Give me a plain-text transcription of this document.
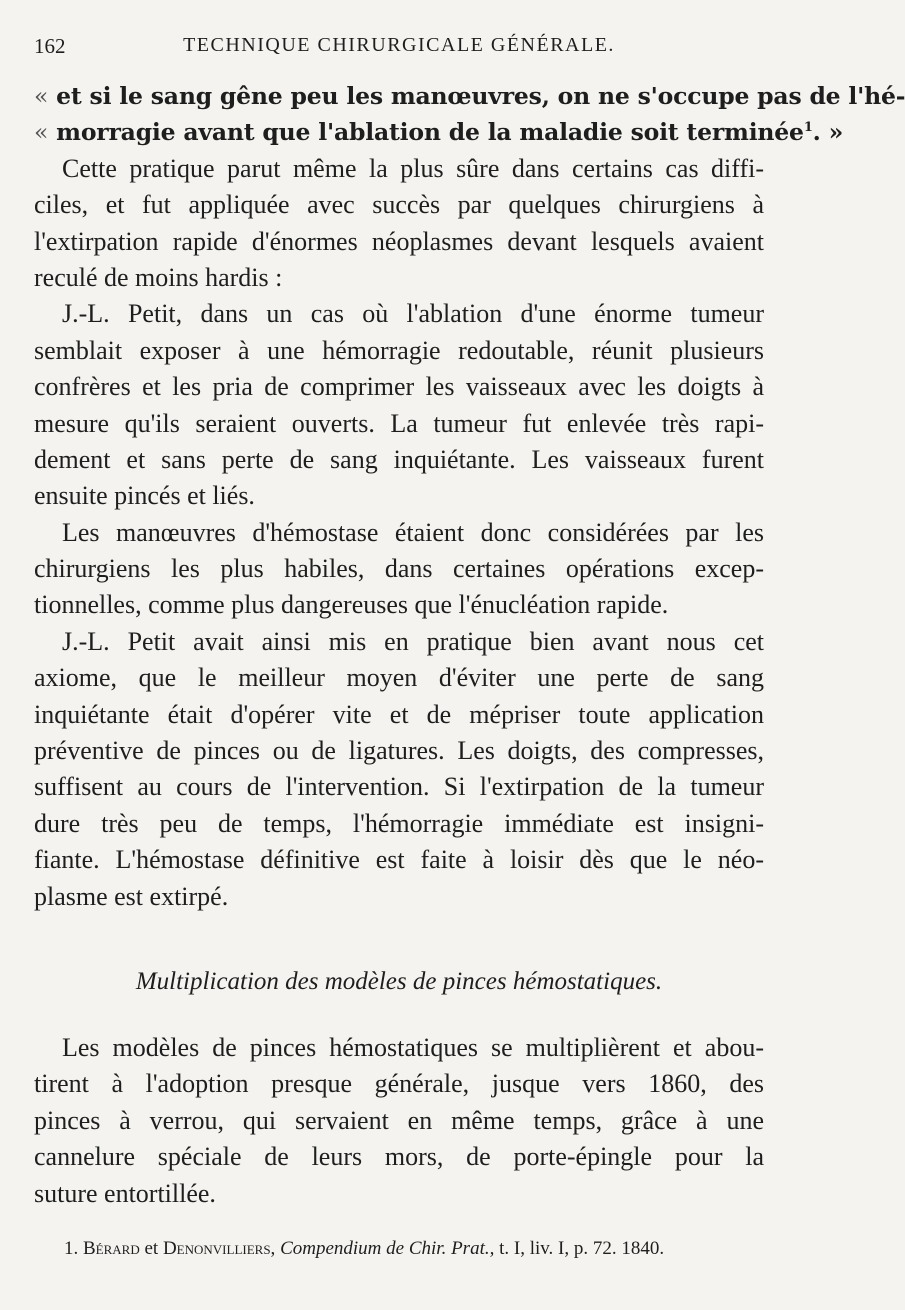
162	TECHNIQUE CHIRURGICALE GÉNÉRALE.
« et si le sang gêne peu les manœuvres, on ne s'occupe pas de l'hé-
« morragie avant que l'ablation de la maladie soit terminée$^1$. »
Cette pratique parut même la plus sûre dans certains cas diffi-
ciles, et fut appliquée avec succès par quelques chirurgiens à
l'extirpation rapide d'énormes néoplasmes devant lesquels avaient
reculé de moins hardis :
J.-L. Petit, dans un cas où l'ablation d'une énorme tumeur
semblait exposer à une hémorragie redoutable, réunit plusieurs
confrères et les pria de comprimer les vaisseaux avec les doigts à
mesure qu'ils seraient ouverts. La tumeur fut enlevée très rapi-
dement et sans perte de sang inquiétante. Les vaisseaux furent
ensuite pincés et liés.
Les manœuvres d'hémostase étaient donc considérées par les
chirurgiens les plus habiles, dans certaines opérations excep-
tionnelles, comme plus dangereuses que l'énucléation rapide.
J.-L. Petit avait ainsi mis en pratique bien avant nous cet
axiome, que le meilleur moyen d'éviter une perte de sang
inquiétante était d'opérer vite et de mépriser toute application
préventive de pinces ou de ligatures. Les doigts, des compresses,
suffisent au cours de l'intervention. Si l'extirpation de la tumeur
dure très peu de temps, l'hémorragie immédiate est insigni-
fiante. L'hémostase définitive est faite à loisir dès que le néo-
plasme est extirpé.
Multiplication des modèles de pinces hémostatiques.
Les modèles de pinces hémostatiques se multiplièrent et abou-
tirent à l'adoption presque générale, jusque vers 1860, des
pinces à verrou, qui servaient en même temps, grâce à une
cannelure spéciale de leurs mors, de porte-épingle pour la
suture entortillée.
1. Bérard et Denonvilliers, Compendium de Chir. Prat., t. I, liv. I, p. 72. 1840.
